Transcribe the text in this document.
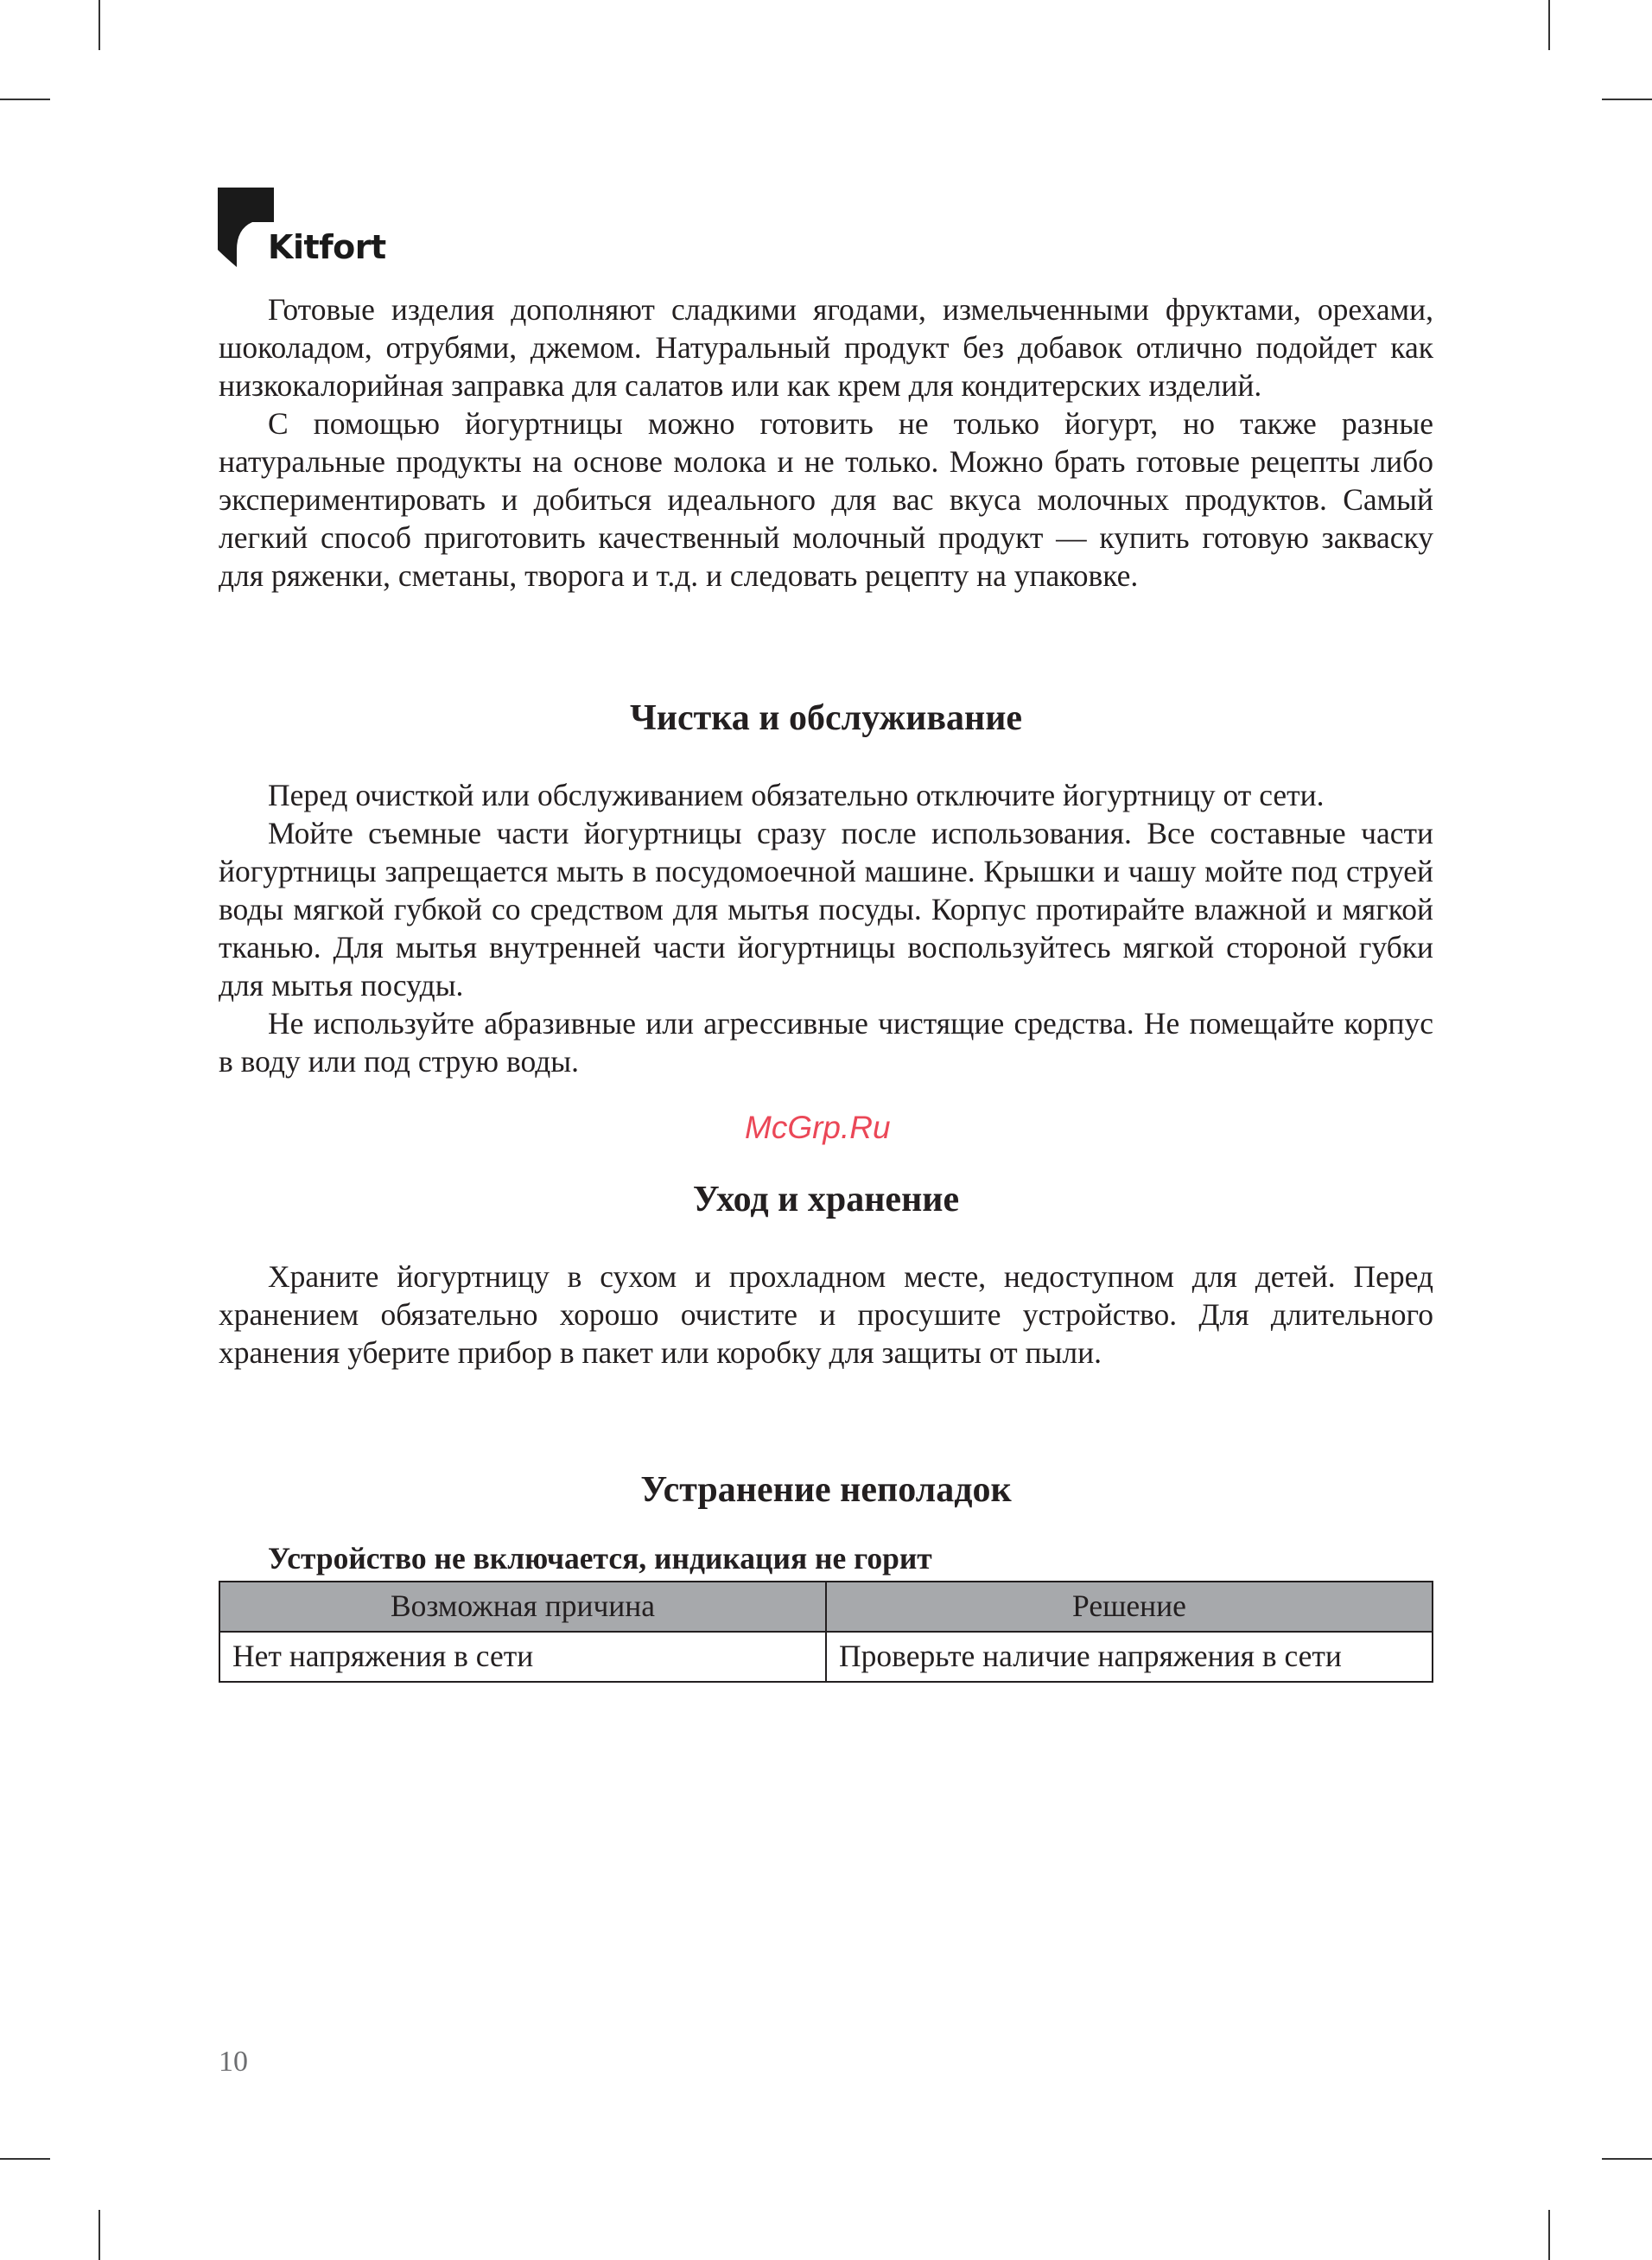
Kitfort

Готовые изделия дополняют сладкими ягодами, измельченными фруктами, орехами, шоколадом, отрубями, джемом. Натуральный продукт без добавок отлично подойдет как низкокалорийная заправка для салатов или как крем для кондитерских изделий.

С помощью йогуртницы можно готовить не только йогурт, но также разные натуральные продукты на основе молока и не только. Можно брать готовые рецепты либо экспериментировать и добиться идеального для вас вкуса молочных продуктов. Самый легкий способ приготовить качественный молочный продукт — купить готовую закваску для ряженки, сметаны, творога и т.д. и следовать рецепту на упаковке.

Чистка и обслуживание

Перед очисткой или обслуживанием обязательно отключите йогуртницу от сети.

Мойте съемные части йогуртницы сразу после использования. Все составные части йогуртницы запрещается мыть в посудомоечной машине. Крышки и чашу мойте под струей воды мягкой губкой со средством для мытья посуды. Корпус протирайте влажной и мягкой тканью. Для мытья внутренней части йогуртницы воспользуйтесь мягкой стороной губки для мытья посуды.

Не используйте абразивные или агрессивные чистящие средства. Не помещайте корпус в воду или под струю воды.

Уход и хранение

Храните йогуртницу в сухом и прохладном месте, недоступном для детей. Перед хранением обязательно хорошо очистите и просушите устройство. Для длительного хранения уберите прибор в пакет или коробку для защиты от пыли.

Устранение неполадок
Устройство не включается, индикация не горит
Возможная причина	Решение
Нет напряжения в сети	Проверьте наличие напряжения в сети
McGrp.Ru
10
